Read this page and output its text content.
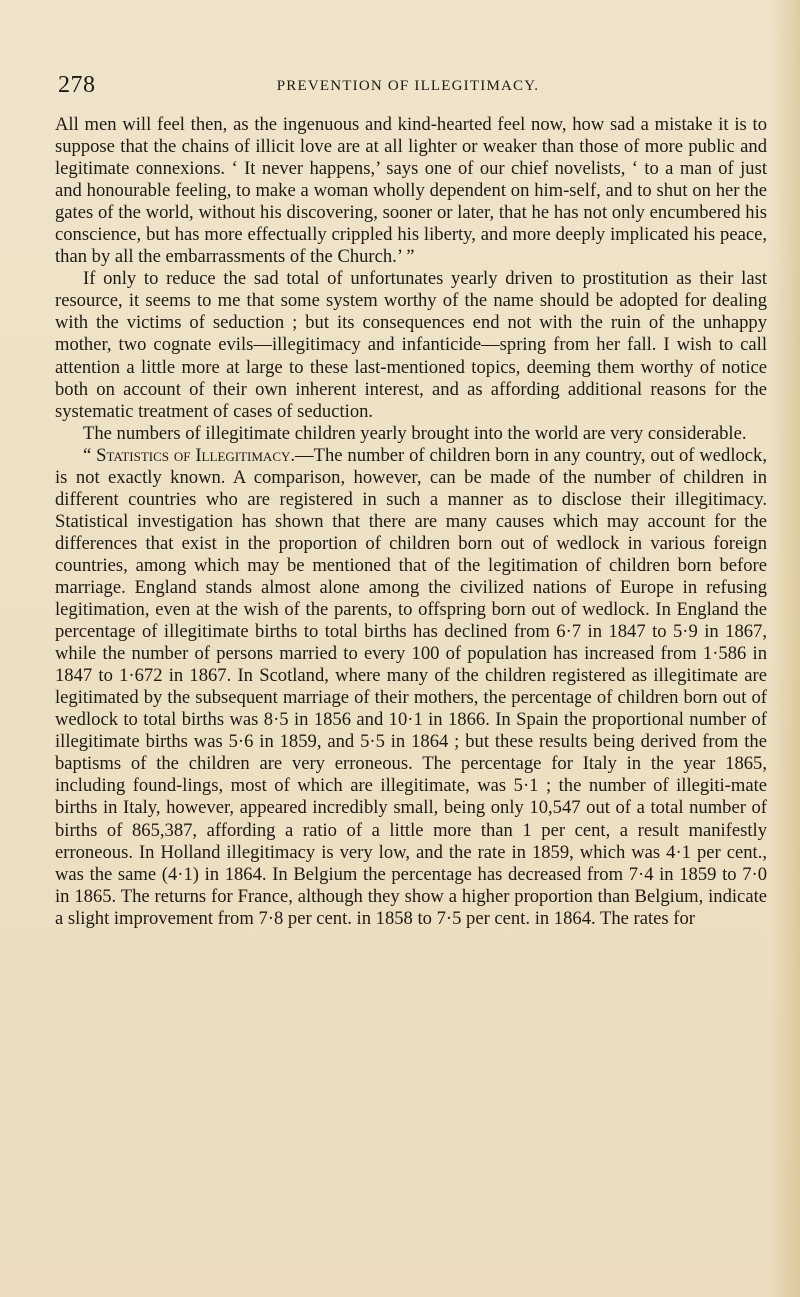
278	PREVENTION OF ILLEGITIMACY.

All men will feel then, as the ingenuous and kind-hearted feel now, how sad a mistake it is to suppose that the chains of illicit love are at all lighter or weaker than those of more public and legitimate connexions. ‘ It never happens,’ says one of our chief novelists, ‘ to a man of just and honourable feeling, to make a woman wholly dependent on him-self, and to shut on her the gates of the world, without his discovering, sooner or later, that he has not only encumbered his conscience, but has more effectually crippled his liberty, and more deeply implicated his peace, than by all the embarrassments of the Church.’ ”

If only to reduce the sad total of unfortunates yearly driven to prostitution as their last resource, it seems to me that some system worthy of the name should be adopted for dealing with the victims of seduction ; but its consequences end not with the ruin of the unhappy mother, two cognate evils—illegitimacy and infanticide—spring from her fall. I wish to call attention a little more at large to these last-mentioned topics, deeming them worthy of notice both on account of their own inherent interest, and as affording additional reasons for the systematic treatment of cases of seduction.

The numbers of illegitimate children yearly brought into the world are very considerable.

“ Statistics of Illegitimacy.—The number of children born in any country, out of wedlock, is not exactly known. A comparison, however, can be made of the number of children in different countries who are registered in such a manner as to disclose their illegitimacy. Statistical investigation has shown that there are many causes which may account for the differences that exist in the proportion of children born out of wedlock in various foreign countries, among which may be mentioned that of the legitimation of children born before marriage. England stands almost alone among the civilized nations of Europe in refusing legitimation, even at the wish of the parents, to offspring born out of wedlock. In England the percentage of illegitimate births to total births has declined from 6·7 in 1847 to 5·9 in 1867, while the number of persons married to every 100 of population has increased from 1·586 in 1847 to 1·672 in 1867. In Scotland, where many of the children registered as illegitimate are legitimated by the subsequent marriage of their mothers, the percentage of children born out of wedlock to total births was 8·5 in 1856 and 10·1 in 1866. In Spain the proportional number of illegitimate births was 5·6 in 1859, and 5·5 in 1864 ; but these results being derived from the baptisms of the children are very erroneous. The percentage for Italy in the year 1865, including found-lings, most of which are illegitimate, was 5·1 ; the number of illegiti-mate births in Italy, however, appeared incredibly small, being only 10,547 out of a total number of births of 865,387, affording a ratio of a little more than 1 per cent, a result manifestly erroneous. In Holland illegitimacy is very low, and the rate in 1859, which was 4·1 per cent., was the same (4·1) in 1864. In Belgium the percentage has decreased from 7·4 in 1859 to 7·0 in 1865. The returns for France, although they show a higher proportion than Belgium, indicate a slight improvement from 7·8 per cent. in 1858 to 7·5 per cent. in 1864. The rates for
